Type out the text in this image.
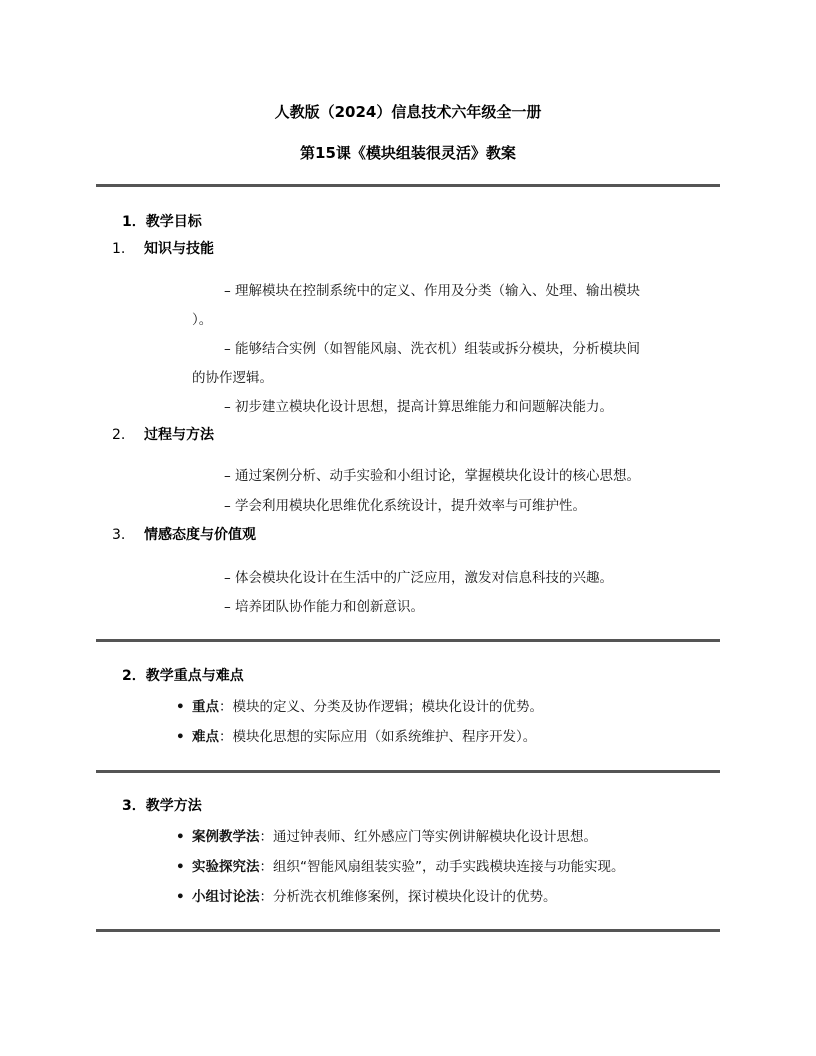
人教版（2024）信息技术六年级全一册
第15课《模块组装很灵活》教案
1．教学目标
1. 知识与技能
– 理解模块在控制系统中的定义、作用及分类（输入、处理、输出模块
）。
– 能够结合实例（如智能风扇、洗衣机）组装或拆分模块，分析模块间
的协作逻辑。
– 初步建立模块化设计思想，提高计算思维能力和问题解决能力。
2. 过程与方法
– 通过案例分析、动手实验和小组讨论，掌握模块化设计的核心思想。
– 学会利用模块化思维优化系统设计，提升效率与可维护性。
3. 情感态度与价值观
– 体会模块化设计在生活中的广泛应用，激发对信息科技的兴趣。
– 培养团队协作能力和创新意识。
2．教学重点与难点
• 重点：模块的定义、分类及协作逻辑；模块化设计的优势。
• 难点：模块化思想的实际应用（如系统维护、程序开发）。
3．教学方法
• 案例教学法：通过钟表师、红外感应门等实例讲解模块化设计思想。
• 实验探究法：组织“智能风扇组装实验”，动手实践模块连接与功能实现。
• 小组讨论法：分析洗衣机维修案例，探讨模块化设计的优势。
